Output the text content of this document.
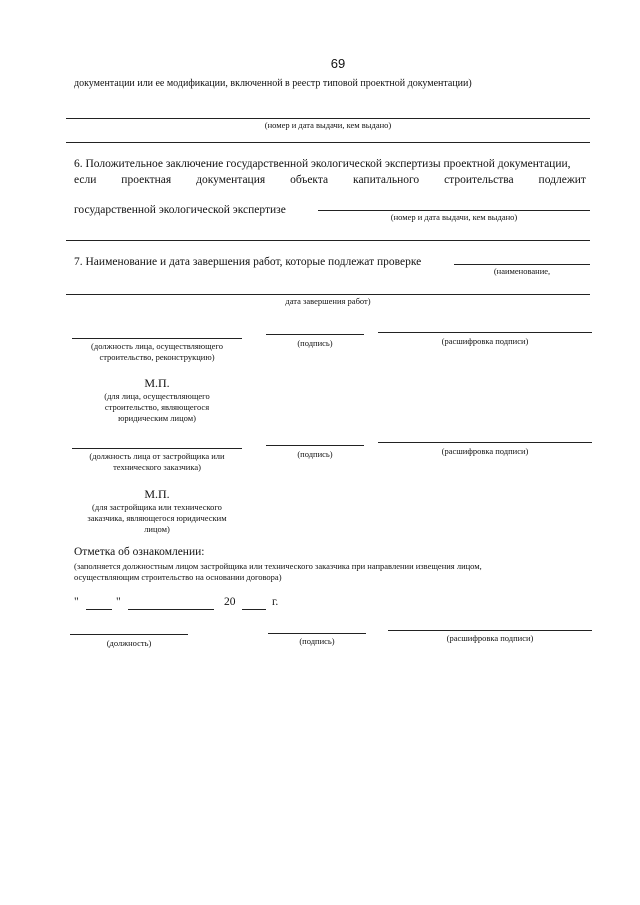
69
документации или ее модификации, включенной в реестр типовой проектной документации)
(номер и дата выдачи, кем выдано)
6. Положительное заключение государственной экологической экспертизы проектной документации,
если проектная документация объекта капитального строительства подлежит
государственной экологической экспертизе
(номер и дата выдачи, кем выдано)
7. Наименование и дата завершения работ, которые подлежат проверке
(наименование,
дата завершения работ)
(должность лица, осуществляющего строительство, реконструкцию)
(подпись)	(расшифровка подписи)
М.П.
(для лица, осуществляющего строительство, являющегося юридическим лицом)
(должность лица от застройщика или технического заказчика)
(подпись)	(расшифровка подписи)
М.П.
(для застройщика или технического заказчика, являющегося юридическим лицом)
Отметка об ознакомлении:
(заполняется должностным лицом застройщика или технического заказчика при направлении извещения лицом,
осуществляющим строительство на основании договора)
"	"	20	г.
(должность)	(подпись)	(расшифровка подписи)
